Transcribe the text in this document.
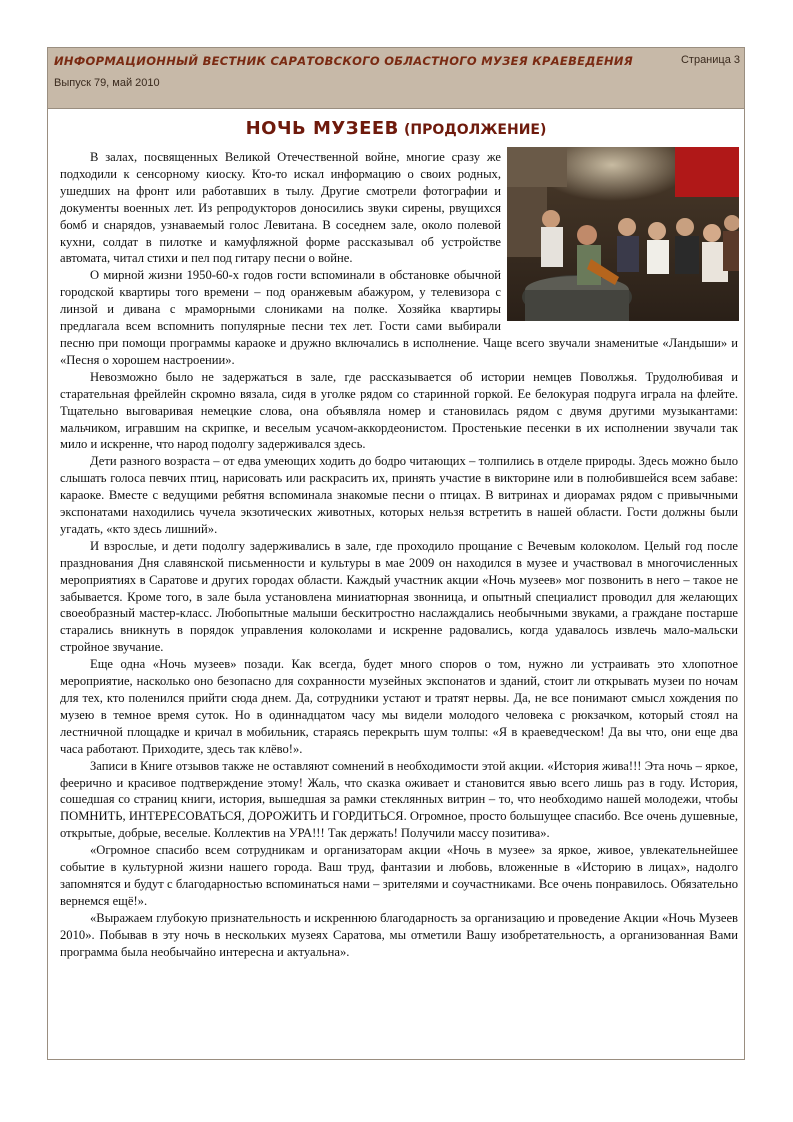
ИНФОРМАЦИОННЫЙ ВЕСТНИК САРАТОВСКОГО ОБЛАСТНОГО МУЗЕЯ КРАЕВЕДЕНИЯ
Выпуск 79, май 2010
Страница 3
НОЧЬ МУЗЕЕВ (ПРОДОЛЖЕНИЕ)

В залах, посвященных Великой Отечественной войне, многие сразу же подходили к сенсорному киоску. Кто-то искал информацию о своих родных, ушедших на фронт или работавших в тылу. Другие смотрели фотографии и документы военных лет. Из репродукторов доносились звуки сирены, рвущихся бомб и снарядов, узнаваемый голос Левитана. В соседнем зале, около полевой кухни, солдат в пилотке и камуфляжной форме рассказывал об устройстве автомата, читал стихи и пел под гитару песни о войне.

О мирной жизни 1950-60-х годов гости вспоминали в обстановке обычной городской квартиры того времени – под оранжевым абажуром, у телевизора с линзой и дивана с мраморными слониками на полке. Хозяйка квартиры предлагала всем вспомнить популярные песни тех лет. Гости сами выбирали песню при помощи программы караоке и дружно включались в исполнение. Чаще всего звучали знаменитые «Ландыши» и «Песня о хорошем настроении».

Невозможно было не задержаться в зале, где рассказывается об истории немцев Поволжья. Трудолюбивая и старательная фрейлейн скромно вязала, сидя в уголке рядом со старинной горкой. Ее белокурая подруга играла на флейте. Тщательно выговаривая немецкие слова, она объявляла номер и становилась рядом с двумя другими музыкантами: мальчиком, игравшим на скрипке, и веселым усачом-аккордеонистом. Простенькие песенки в их исполнении звучали так мило и искренне, что народ подолгу задерживался здесь.

Дети разного возраста – от едва умеющих ходить до бодро читающих – толпились в отделе природы. Здесь можно было слышать голоса певчих птиц, нарисовать или раскрасить их, принять участие в викторине или в полюбившейся всем забаве: караоке. Вместе с ведущими ребятня вспоминала знакомые песни о птицах. В витринах и диорамах рядом с привычными экспонатами находились чучела экзотических животных, которых нельзя встретить в нашей области. Гости должны были угадать, «кто здесь лишний».

И взрослые, и дети подолгу задерживались в зале, где проходило прощание с Вечевым колоколом. Целый год после празднования Дня славянской письменности и культуры в мае 2009 он находился в музее и участвовал в многочисленных мероприятиях в Саратове и других городах области. Каждый участник акции «Ночь музеев» мог позвонить в него – такое не забывается. Кроме того, в зале была установлена миниатюрная звонница, и опытный специалист проводил для желающих своеобразный мастер-класс. Любопытные малыши бескитростно наслаждались необычными звуками, а граждане постарше старались вникнуть в порядок управления колоколами и искренне радовались, когда удавалось извлечь мало-мальски стройное звучание.

Еще одна «Ночь музеев» позади. Как всегда, будет много споров о том, нужно ли устраивать это хлопотное мероприятие, насколько оно безопасно для сохранности музейных экспонатов и зданий, стоит ли открывать музеи по ночам для тех, кто поленился прийти сюда днем. Да, сотрудники устают и тратят нервы. Да, не все понимают смысл хождения по музею в темное время суток. Но в одиннадцатом часу мы видели молодого человека с рюкзачком, который стоял на лестничной площадке и кричал в мобильник, стараясь перекрыть шум толпы: «Я в краеведческом! Да вы что, они еще два часа работают. Приходите, здесь так клёво!».

Записи в Книге отзывов также не оставляют сомнений в необходимости этой акции. «История жива!!! Эта ночь – яркое, феерично и красивое подтверждение этому! Жаль, что сказка оживает и становится явью всего лишь раз в году. История, сошедшая со страниц книги, история, вышедшая за рамки стеклянных витрин – то, что необходимо нашей молодежи, чтобы ПОМНИТЬ, ИНТЕРЕСОВАТЬСЯ, ДОРОЖИТЬ И ГОРДИТЬСЯ. Огромное, просто большущее спасибо. Все очень душевные, открытые, добрые, веселые. Коллектив на УРА!!! Так держать! Получили массу позитива».

«Огромное спасибо всем сотрудникам и организаторам акции «Ночь в музее» за яркое, живое, увлекательнейшее событие в культурной жизни нашего города. Ваш труд, фантазии и любовь, вложенные в «Историю в лицах», надолго запомнятся и будут с благодарностью вспоминаться нами – зрителями и соучастниками. Все очень понравилось. Обязательно вернемся ещё!».

«Выражаем глубокую признательность и искреннюю благодарность за организацию и проведение Акции «Ночь Музеев 2010». Побывав в эту ночь в нескольких музеях Саратова, мы отметили Вашу изобретательность, а организованная Вами программа была необычайно интересна и актуальна».
